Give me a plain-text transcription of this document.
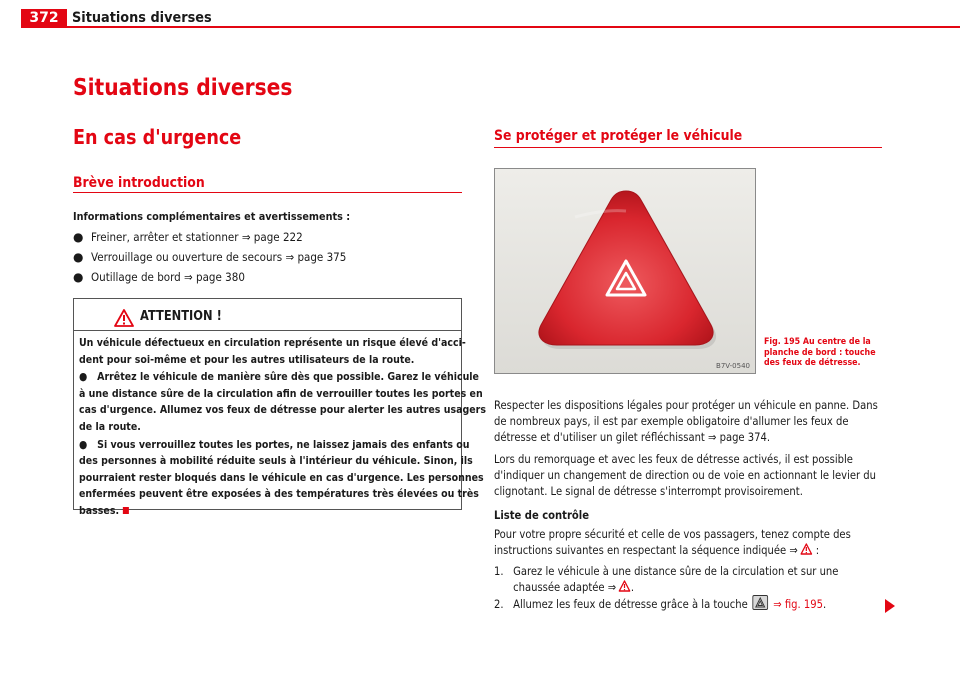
372 Situations diverses
Situations diverses
En cas d'urgence
Brève introduction
Informations complémentaires et avertissements :
● Freiner, arrêter et stationner ⇒ page 222
● Verrouillage ou ouverture de secours ⇒ page 375
● Outillage de bord ⇒ page 380
ATTENTION !
Un véhicule défectueux en circulation représente un risque élevé d'acci-
dent pour soi-même et pour les autres utilisateurs de la route.
● Arrêtez le véhicule de manière sûre dès que possible. Garez le véhicule
à une distance sûre de la circulation afin de verrouiller toutes les portes en
cas d'urgence. Allumez vos feux de détresse pour alerter les autres usagers
de la route.
● Si vous verrouillez toutes les portes, ne laissez jamais des enfants ou
des personnes à mobilité réduite seuls à l'intérieur du véhicule. Sinon, ils
pourraient rester bloqués dans le véhicule en cas d'urgence. Les personnes
enfermées peuvent être exposées à des températures très élevées ou très
basses.
Se protéger et protéger le véhicule
B7V-0540
Fig. 195 Au centre de la
planche de bord : touche
des feux de détresse.
Respecter les dispositions légales pour protéger un véhicule en panne. Dans
de nombreux pays, il est par exemple obligatoire d'allumer les feux de
détresse et d'utiliser un gilet réfléchissant ⇒ page 374.
Lors du remorquage et avec les feux de détresse activés, il est possible
d'indiquer un changement de direction ou de voie en actionnant le levier du
clignotant. Le signal de détresse s'interrompt provisoirement.
Liste de contrôle
Pour votre propre sécurité et celle de vos passagers, tenez compte des
instructions suivantes en respectant la séquence indiquée ⇒ :
1. Garez le véhicule à une distance sûre de la circulation et sur une
chaussée adaptée ⇒ .
2. Allumez les feux de détresse grâce à la touche ⇒ fig. 195.
